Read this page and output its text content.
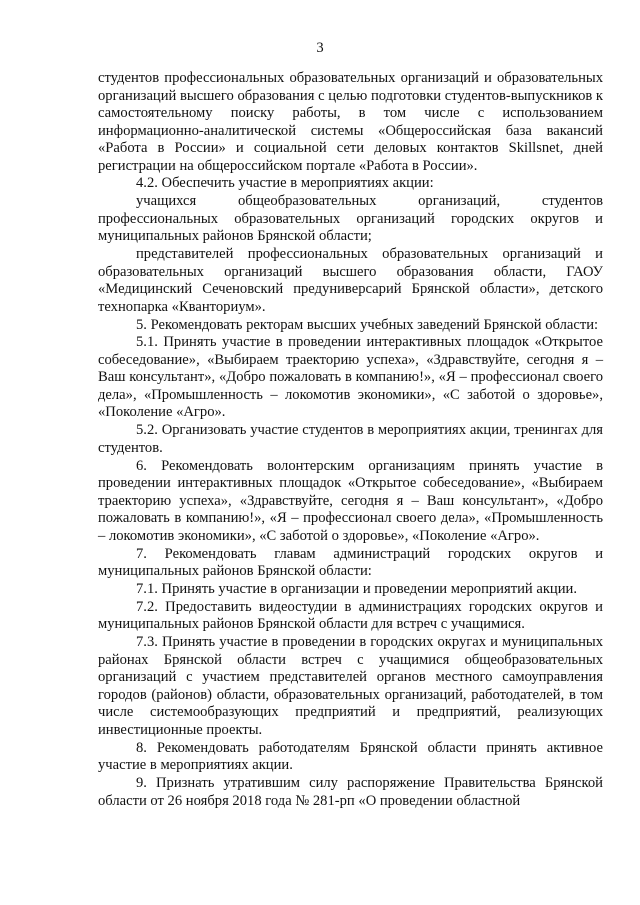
3

студентов профессиональных образовательных организаций и образовательных организаций высшего образования с целью подготовки студентов-выпускников к самостоятельному поиску работы, в том числе с использованием информационно-аналитической системы «Общероссийская база вакансий «Работа в России» и социальной сети деловых контактов Skillsnet, дней регистрации на общероссийском портале «Работа в России».

4.2. Обеспечить участие в мероприятиях акции:

учащихся общеобразовательных организаций, студентов профессиональных образовательных организаций городских округов и муниципальных районов Брянской области;

представителей профессиональных образовательных организаций и образовательных организаций высшего образования области, ГАОУ «Медицинский Сеченовский предуниверсарий Брянской области», детского технопарка «Кванториум».

5. Рекомендовать ректорам высших учебных заведений Брянской области:

5.1. Принять участие в проведении интерактивных площадок «Открытое собеседование», «Выбираем траекторию успеха», «Здравствуйте, сегодня я – Ваш консультант», «Добро пожаловать в компанию!», «Я – профессионал своего дела», «Промышленность – локомотив экономики», «С заботой о здоровье», «Поколение «Агро».

5.2. Организовать участие студентов в мероприятиях акции, тренингах для студентов.

6. Рекомендовать волонтерским организациям принять участие в проведении интерактивных площадок «Открытое собеседование», «Выбираем траекторию успеха», «Здравствуйте, сегодня я – Ваш консультант», «Добро пожаловать в компанию!», «Я – профессионал своего дела», «Промышленность – локомотив экономики», «С заботой о здоровье», «Поколение «Агро».

7. Рекомендовать главам администраций городских округов и муниципальных районов Брянской области:

7.1. Принять участие в организации и проведении мероприятий акции.

7.2. Предоставить видеостудии в администрациях городских округов и муниципальных районов Брянской области для встреч с учащимися.

7.3. Принять участие в проведении в городских округах и муниципальных районах Брянской области встреч с учащимися общеобразовательных организаций с участием представителей органов местного самоуправления городов (районов) области, образовательных организаций, работодателей, в том числе системообразующих предприятий и предприятий, реализующих инвестиционные проекты.

8. Рекомендовать работодателям Брянской области принять активное участие в мероприятиях акции.

9. Признать утратившим силу распоряжение Правительства Брянской области от 26 ноября 2018 года № 281-рп «О проведении областной
